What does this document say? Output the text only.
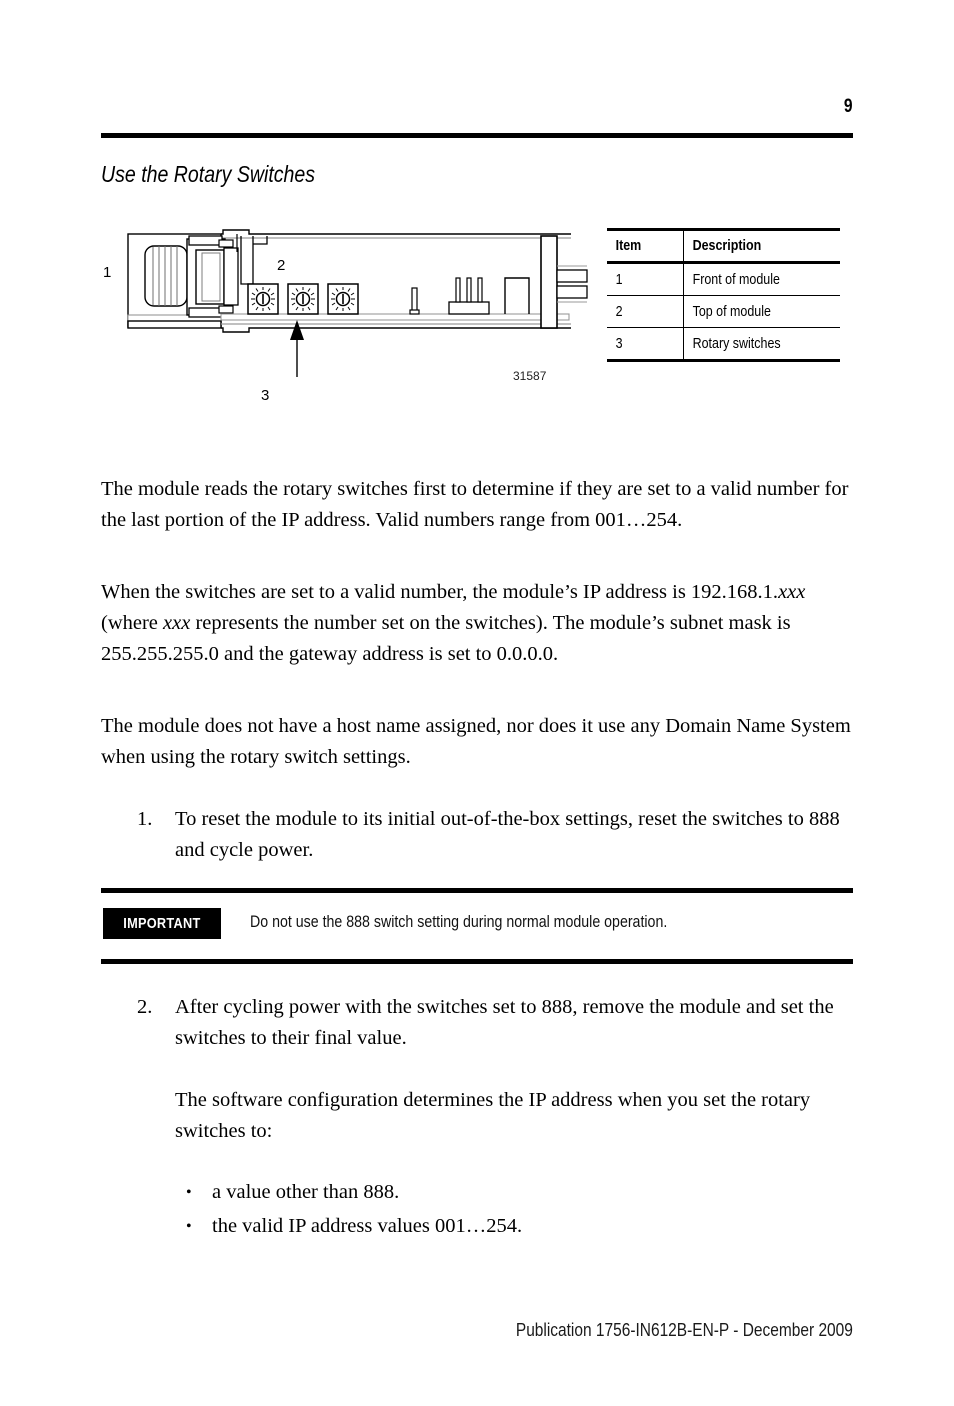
9
Use the Rotary Switches
1	2
3
31587
Item	Description

1	Front of module

2	Top of module

3	Rotary switches
The module reads the rotary switches first to determine if they are set to a valid number for the last portion of the IP address. Valid numbers range from 001…254.
When the switches are set to a valid number, the module’s IP address is 192.168.1.xxx (where xxx represents the number set on the switches). The module’s subnet mask is 255.255.255.0 and the gateway address is set to 0.0.0.0.
The module does not have a host name assigned, nor does it use any Domain Name System when using the rotary switch settings.
1.	To reset the module to its initial out-of-the-box settings, reset the switches to 888 and cycle power.
IMPORTANT	Do not use the 888 switch setting during normal module operation.
2.	After cycling power with the switches set to 888, remove the module and set the switches to their final value.
The software configuration determines the IP address when you set the rotary switches to:
• a value other than 888.
• the valid IP address values 001…254.
Publication 1756-IN612B-EN-P - December 2009
